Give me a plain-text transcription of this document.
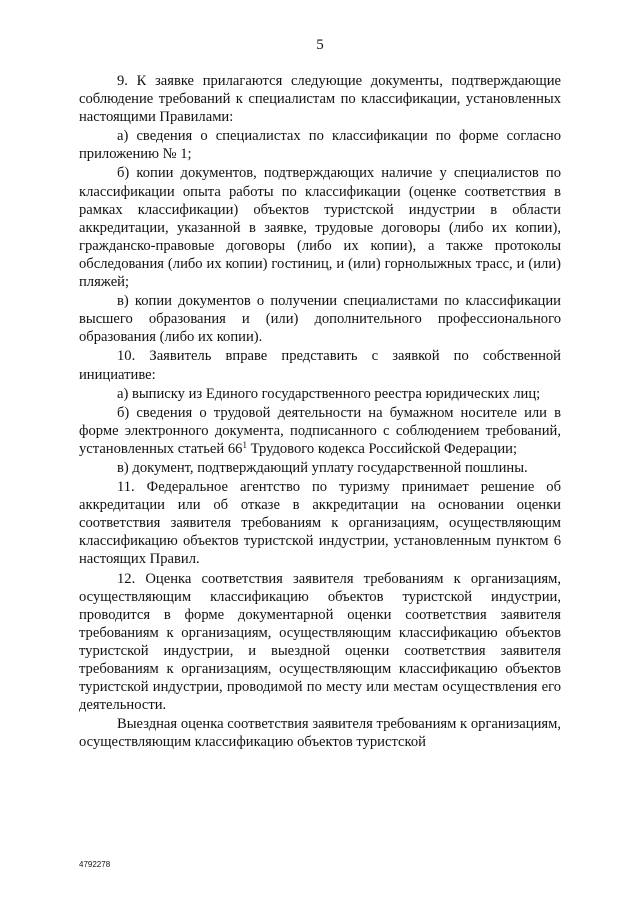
5

9. К заявке прилагаются следующие документы, подтверждающие соблюдение требований к специалистам по классификации, установленных настоящими Правилами:

а) сведения о специалистах по классификации по форме согласно приложению № 1;

б) копии документов, подтверждающих наличие у специалистов по классификации опыта работы по классификации (оценке соответствия в рамках классификации) объектов туристской индустрии в области аккредитации, указанной в заявке, трудовые договоры (либо их копии), гражданско-правовые договоры (либо их копии), а также протоколы обследования (либо их копии) гостиниц, и (или) горнолыжных трасс, и (или) пляжей;

в) копии документов о получении специалистами по классификации высшего образования и (или) дополнительного профессионального образования (либо их копии).

10. Заявитель вправе представить с заявкой по собственной инициативе:

а) выписку из Единого государственного реестра юридических лиц;

б) сведения о трудовой деятельности на бумажном носителе или в форме электронного документа, подписанного с соблюдением требований, установленных статьей $66^1$ Трудового кодекса Российской Федерации;

в) документ, подтверждающий уплату государственной пошлины.

11. Федеральное агентство по туризму принимает решение об аккредитации или об отказе в аккредитации на основании оценки соответствия заявителя требованиям к организациям, осуществляющим классификацию объектов туристской индустрии, установленным пунктом 6 настоящих Правил.

12. Оценка соответствия заявителя требованиям к организациям, осуществляющим классификацию объектов туристской индустрии, проводится в форме документарной оценки соответствия заявителя требованиям к организациям, осуществляющим классификацию объектов туристской индустрии, и выездной оценки соответствия заявителя требованиям к организациям, осуществляющим классификацию объектов туристской индустрии, проводимой по месту или местам осуществления его деятельности.

Выездная оценка соответствия заявителя требованиям к организациям, осуществляющим классификацию объектов туристской

4792278
